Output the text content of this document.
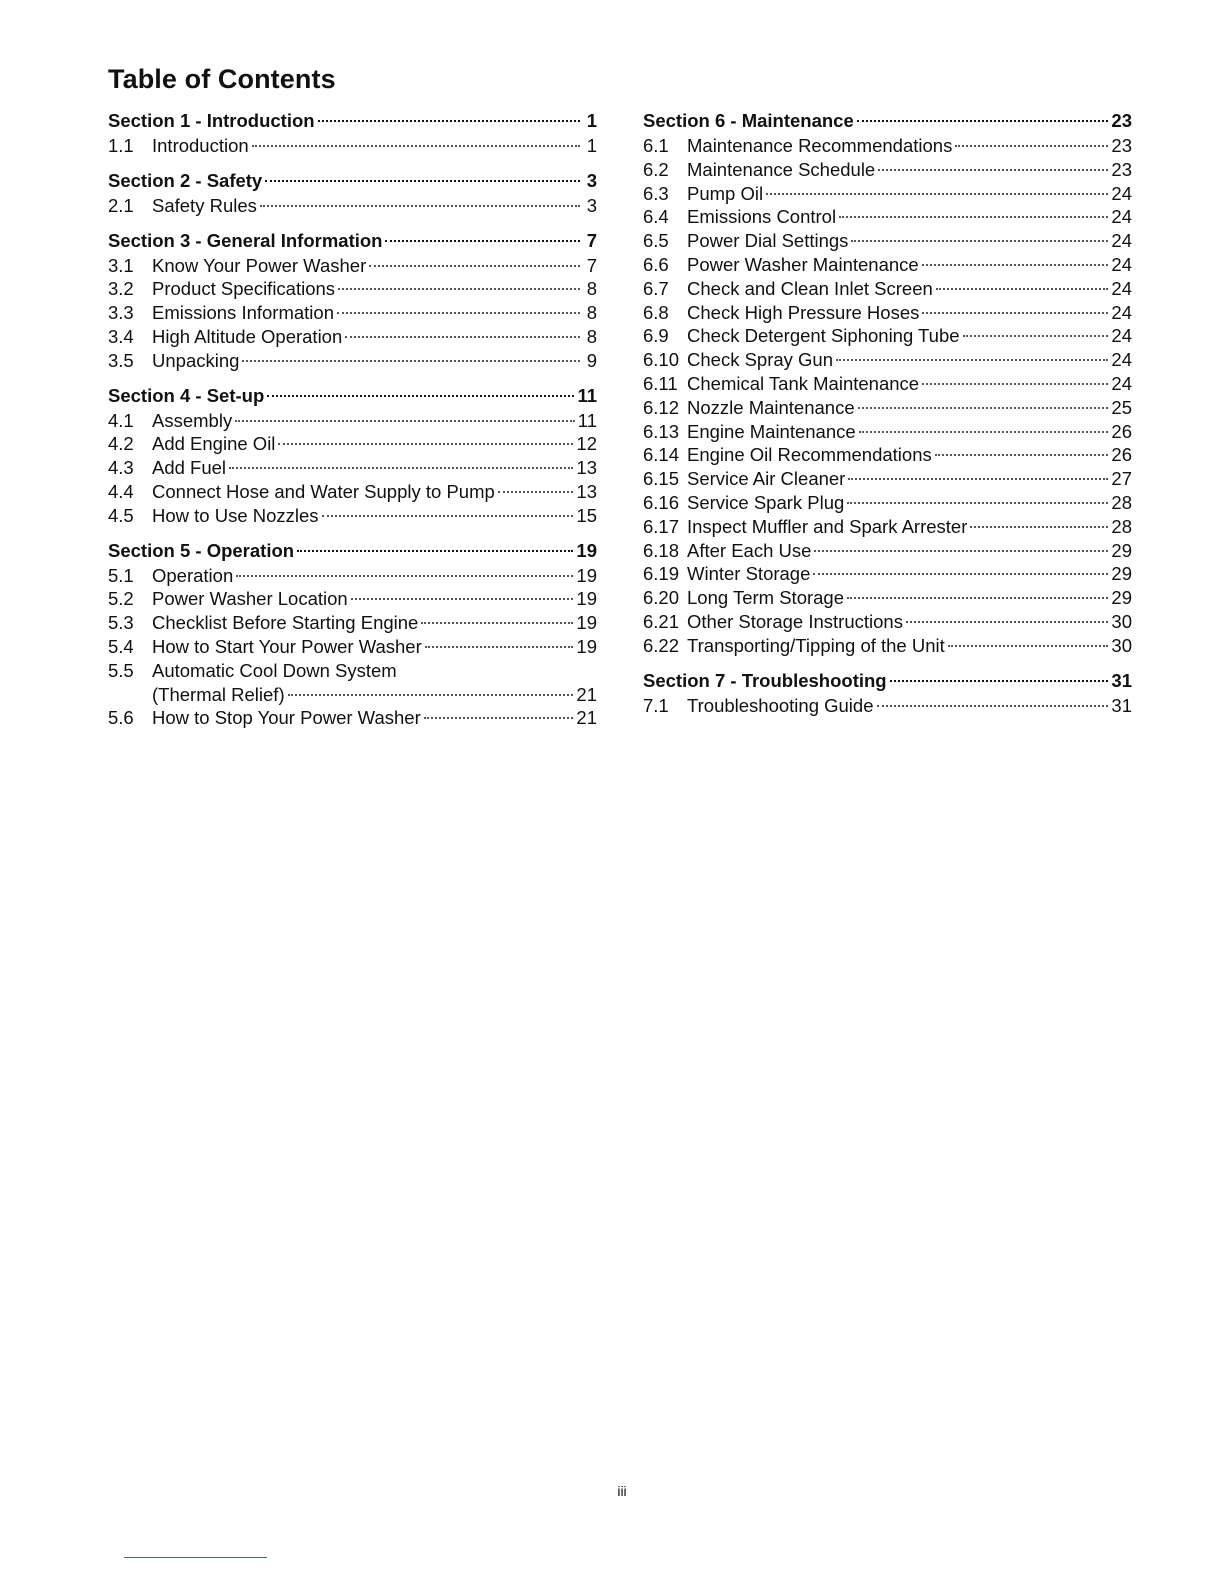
Table of Contents
Section 1 - Introduction	1
1.1 Introduction	1
Section 2 - Safety	3
2.1 Safety Rules	3
Section 3 - General Information	7
3.1 Know Your Power Washer	7
3.2 Product Specifications	8
3.3 Emissions Information	8
3.4 High Altitude Operation	8
3.5 Unpacking	9
Section 4 - Set-up	11
4.1 Assembly	11
4.2 Add Engine Oil	12
4.3 Add Fuel	13
4.4 Connect Hose and Water Supply to Pump	13
4.5 How to Use Nozzles	15
Section 5 - Operation	19
5.1 Operation	19
5.2 Power Washer Location	19
5.3 Checklist Before Starting Engine	19
5.4 How to Start Your Power Washer	19
5.5 Automatic Cool Down System
(Thermal Relief)	21
5.6 How to Stop Your Power Washer	21
Section 6 - Maintenance	23
6.1 Maintenance Recommendations	23
6.2 Maintenance Schedule	23
6.3 Pump Oil	24
6.4 Emissions Control	24
6.5 Power Dial Settings	24
6.6 Power Washer Maintenance	24
6.7 Check and Clean Inlet Screen	24
6.8 Check High Pressure Hoses	24
6.9 Check Detergent Siphoning Tube	24
6.10 Check Spray Gun	24
6.11 Chemical Tank Maintenance	24
6.12 Nozzle Maintenance	25
6.13 Engine Maintenance	26
6.14 Engine Oil Recommendations	26
6.15 Service Air Cleaner	27
6.16 Service Spark Plug	28
6.17 Inspect Muffler and Spark Arrester	28
6.18 After Each Use	29
6.19 Winter Storage	29
6.20 Long Term Storage	29
6.21 Other Storage Instructions	30
6.22 Transporting/Tipping of the Unit	30
Section 7 - Troubleshooting	31
7.1 Troubleshooting Guide	31
iii
